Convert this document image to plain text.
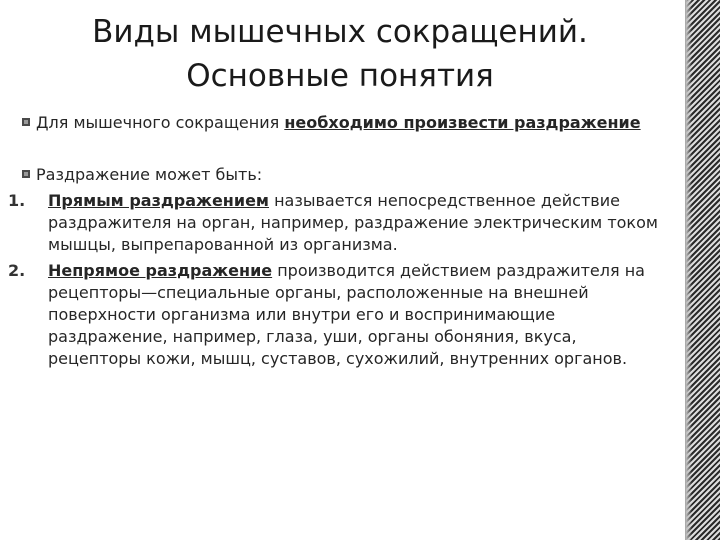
Виды мышечных сокращений.
Основные понятия
Для мышечного сокращения необходимо произвести раздражение
Раздражение может быть:
1. Прямым раздражением называется непосредственное действие раздражителя на орган, например, раздражение электрическим током мышцы, выпрепарованной из организма.
2. Непрямое раздражение производится действием раздражителя на рецепторы—специальные органы, расположенные на внешней поверхности организма или внутри его и воспринимающие раздражение, например, глаза, уши, органы обоняния, вкуса, рецепторы кожи, мышц, суставов, сухожилий, внутренних органов.
